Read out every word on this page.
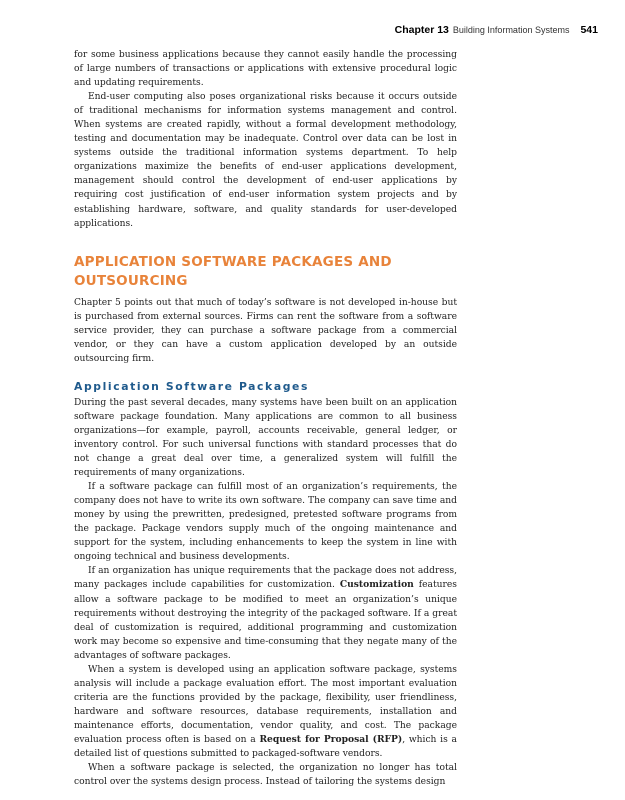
Chapter 13 Building Information Systems 541

for some business applications because they cannot easily handle the processing of large numbers of transactions or applications with extensive procedural logic and updating requirements.

End-user computing also poses organizational risks because it occurs outside of traditional mechanisms for information systems management and control. When systems are created rapidly, without a formal development methodology, testing and documentation may be inadequate. Control over data can be lost in systems outside the traditional information systems department. To help organizations maximize the benefits of end-user applications development, management should control the development of end-user applications by requiring cost justification of end-user information system projects and by establishing hardware, software, and quality standards for user-developed applications.

APPLICATION SOFTWARE PACKAGES AND OUTSOURCING

Chapter 5 points out that much of today’s software is not developed in-house but is purchased from external sources. Firms can rent the software from a software service provider, they can purchase a software package from a commercial vendor, or they can have a custom application developed by an outside outsourcing firm.

Application Software Packages

During the past several decades, many systems have been built on an application software package foundation. Many applications are common to all business organizations—for example, payroll, accounts receivable, general ledger, or inventory control. For such universal functions with standard processes that do not change a great deal over time, a generalized system will fulfill the requirements of many organizations.

If a software package can fulfill most of an organization’s requirements, the company does not have to write its own software. The company can save time and money by using the prewritten, predesigned, pretested software programs from the package. Package vendors supply much of the ongoing maintenance and support for the system, including enhancements to keep the system in line with ongoing technical and business developments.

If an organization has unique requirements that the package does not address, many packages include capabilities for customization. Customization features allow a software package to be modified to meet an organization’s unique requirements without destroying the integrity of the packaged software. If a great deal of customization is required, additional programming and customization work may become so expensive and time-consuming that they negate many of the advantages of software packages.

When a system is developed using an application software package, systems analysis will include a package evaluation effort. The most important evaluation criteria are the functions provided by the package, flexibility, user friendliness, hardware and software resources, database requirements, installation and maintenance efforts, documentation, vendor quality, and cost. The package evaluation process often is based on a Request for Proposal (RFP), which is a detailed list of questions submitted to packaged-software vendors.

When a software package is selected, the organization no longer has total control over the systems design process. Instead of tailoring the systems design
